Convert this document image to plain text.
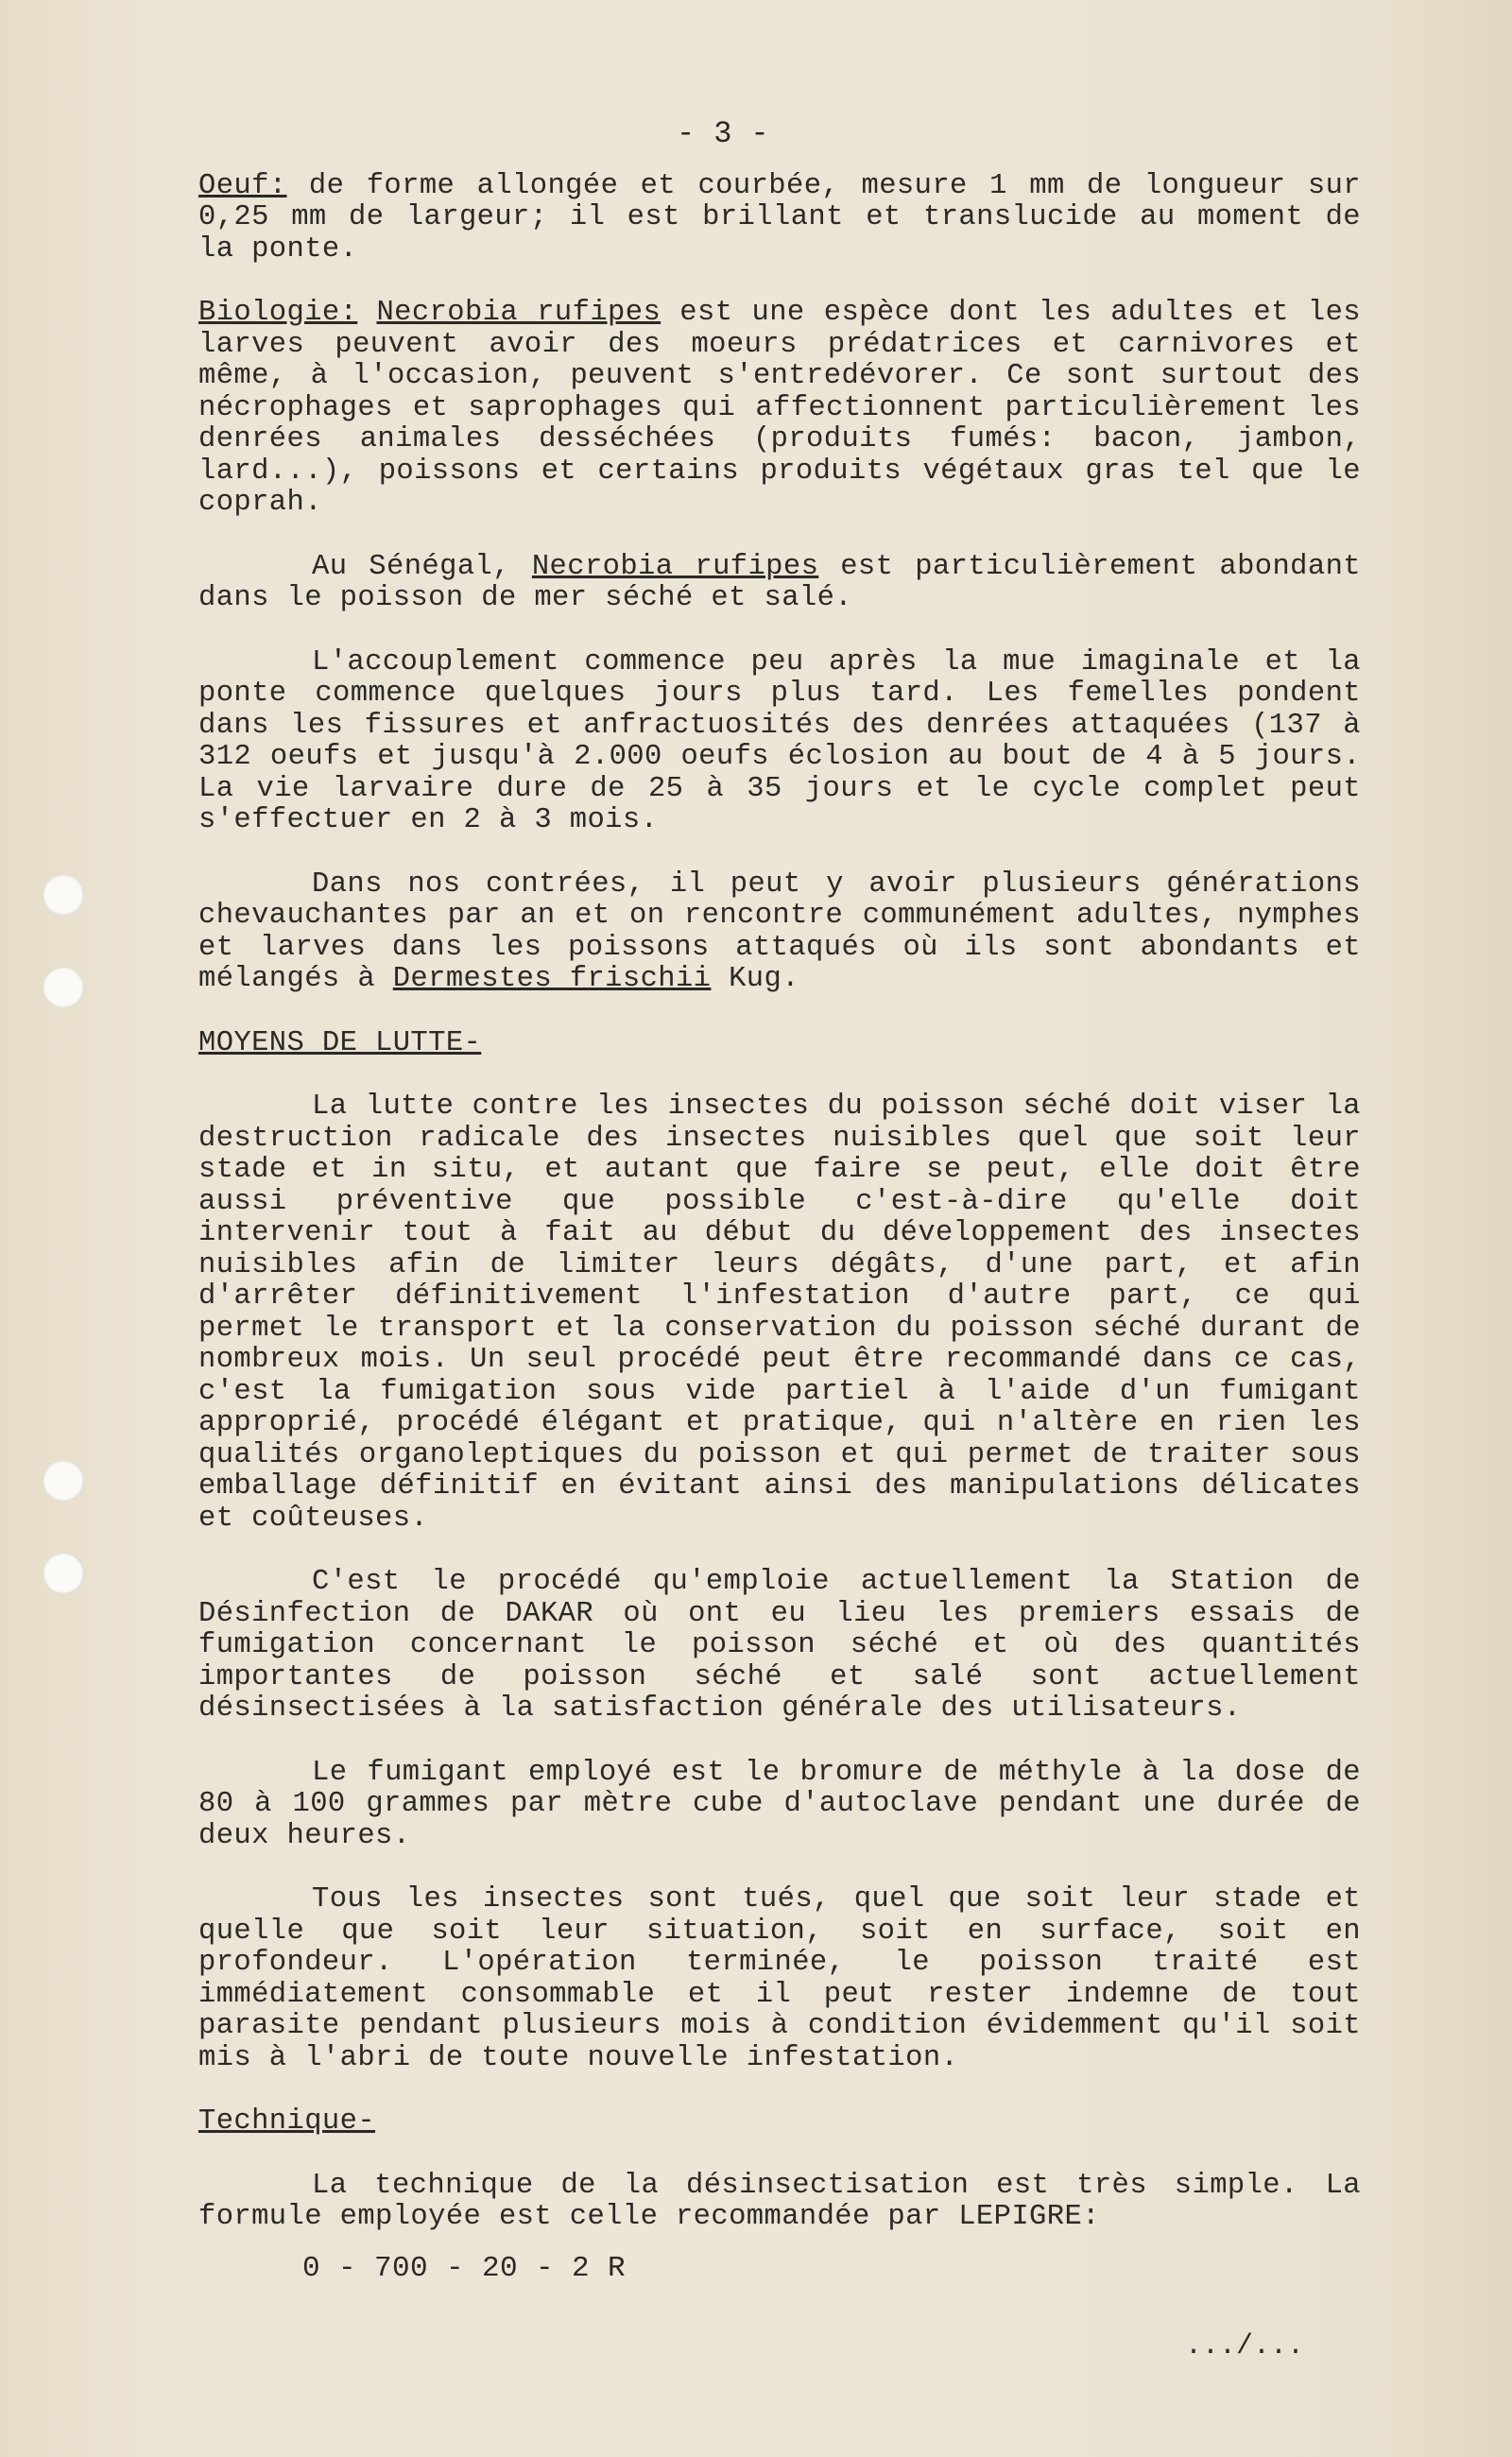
- 3 -

Oeuf: de forme allongée et courbée, mesure 1 mm de longueur sur 0,25 mm de largeur; il est brillant et translucide au moment de la ponte.

Biologie: Necrobia rufipes est une espèce dont les adultes et les larves peuvent avoir des moeurs prédatrices et carnivores et même, à l'occasion, peuvent s'entredévorer. Ce sont surtout des nécrophages et saprophages qui affectionnent particulièrement les denrées animales desséchées (produits fumés: bacon, jambon, lard...), poissons et certains produits végétaux gras tel que le coprah.

Au Sénégal, Necrobia rufipes est particulièrement abondant dans le poisson de mer séché et salé.

L'accouplement commence peu après la mue imaginale et la ponte commence quelques jours plus tard. Les femelles pondent dans les fissures et anfractuosités des denrées attaquées (137 à 312 oeufs et jusqu'à 2.000 oeufs éclosion au bout de 4 à 5 jours. La vie larvaire dure de 25 à 35 jours et le cycle complet peut s'effectuer en 2 à 3 mois.

Dans nos contrées, il peut y avoir plusieurs générations chevauchantes par an et on rencontre communément adultes, nymphes et larves dans les poissons attaqués où ils sont abondants et mélangés à Dermestes frischii Kug.

MOYENS DE LUTTE-

La lutte contre les insectes du poisson séché doit viser la destruction radicale des insectes nuisibles quel que soit leur stade et in situ, et autant que faire se peut, elle doit être aussi préventive que possible c'est-à-dire qu'elle doit intervenir tout à fait au début du développement des insectes nuisibles afin de limiter leurs dégâts, d'une part, et afin d'arrêter définitivement l'infestation d'autre part, ce qui permet le transport et la conservation du poisson séché durant de nombreux mois. Un seul procédé peut être recommandé dans ce cas, c'est la fumigation sous vide partiel à l'aide d'un fumigant approprié, procédé élégant et pratique, qui n'altère en rien les qualités organoleptiques du poisson et qui permet de traiter sous emballage définitif en évitant ainsi des manipulations délicates et coûteuses.

C'est le procédé qu'emploie actuellement la Station de Désinfection de DAKAR où ont eu lieu les premiers essais de fumigation concernant le poisson séché et où des quantités importantes de poisson séché et salé sont actuellement désinsectisées à la satisfaction générale des utilisateurs.

Le fumigant employé est le bromure de méthyle à la dose de 80 à 100 grammes par mètre cube d'autoclave pendant une durée de deux heures.

Tous les insectes sont tués, quel que soit leur stade et quelle que soit leur situation, soit en surface, soit en profondeur. L'opération terminée, le poisson traité est immédiatement consommable et il peut rester indemne de tout parasite pendant plusieurs mois à condition évidemment qu'il soit mis à l'abri de toute nouvelle infestation.

Technique-

La technique de la désinsectisation est très simple. La formule employée est celle recommandée par LEPIGRE:

0 - 700 - 20 - 2 R
.../...
